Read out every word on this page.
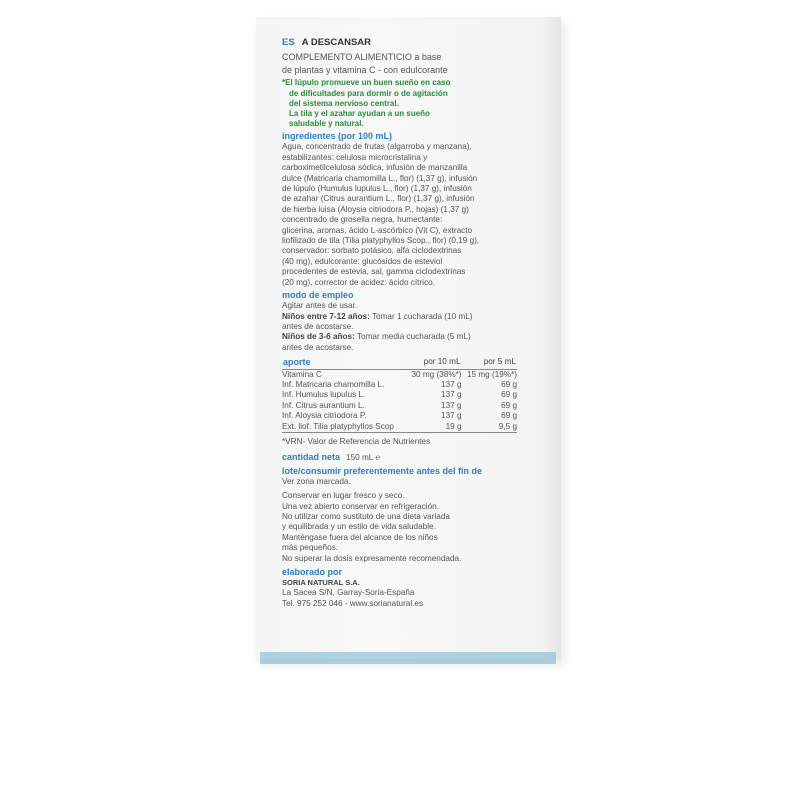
ES A DESCANSAR
COMPLEMENTO ALIMENTICIO a base
de plantas y vitamina C - con edulcorante
*El lúpulo promueve un buen sueño en caso
de dificultades para dormir o de agitación
del sistema nervioso central.
La tila y el azahar ayudan a un sueño
saludable y natural.
ingredientes (por 100 mL)
Agua, concentrado de frutas (algarroba y manzana),
estabilizantes: celulosa microcristalina y
carboximetilcelulosa sódica, infusión de manzanilla
dulce (Matricaria chamomilla L., flor) (1,37 g), infusión
de lúpulo (Humulus lupulus L., flor) (1,37 g), infusión
de azahar (Citrus aurantium L., flor) (1,37 g), infusión
de hierba luisa (Aloysia citriodora P., hojas) (1,37 g)
concentrado de grosella negra, humectante:
glicerina, aromas, ácido L-ascórbico (Vit C), extracto
liofilizado de tila (Tilia platyphyllos Scop., flor) (0,19 g),
conservador: sorbato potásico, alfa ciclodextrinas
(40 mg), edulcorante: glucósidos de esteviol
procedentes de estevia, sal, gamma ciclodextrinas
(20 mg), corrector de acidez: ácido cítrico.
modo de empleo
Agitar antes de usar.
Niños entre 7-12 años: Tomar 1 cucharada (10 mL)
antes de acostarse.
Niños de 3-6 años: Tomar media cucharada (5 mL)
antes de acostarse.
aporte	por 10 mL	por 5 mL
Vitamina C	30 mg (38%*)	15 mg (19%*)
Inf. Matricaria chamomilla L.	137 g	69 g
Inf. Humulus lupulus L.	137 g	69 g
Inf. Citrus aurantium L.	137 g	69 g
Inf. Aloysia citriodora P.	137 g	69 g
Ext. liof. Tilia platyphyllos Scop	19 g	9,5 g
*VRN- Valor de Referencia de Nutrientes
cantidad neta 150 mL ℮
lote/consumir preferentemente antes del fin de
Ver zona marcada.
Conservar en lugar fresco y seco.
Una vez abierto conservar en refrigeración.
No utilizar como sustituto de una dieta variada
y equilibrada y un estilo de vida saludable.
Manténgase fuera del alcance de los niños
más pequeños.
No superar la dosis expresamente recomendada.
elaborado por
SORIA NATURAL S.A.
La Sacea S/N, Garray-Soria-España
Tel. 975 252 046 - www.sorianatural.es
